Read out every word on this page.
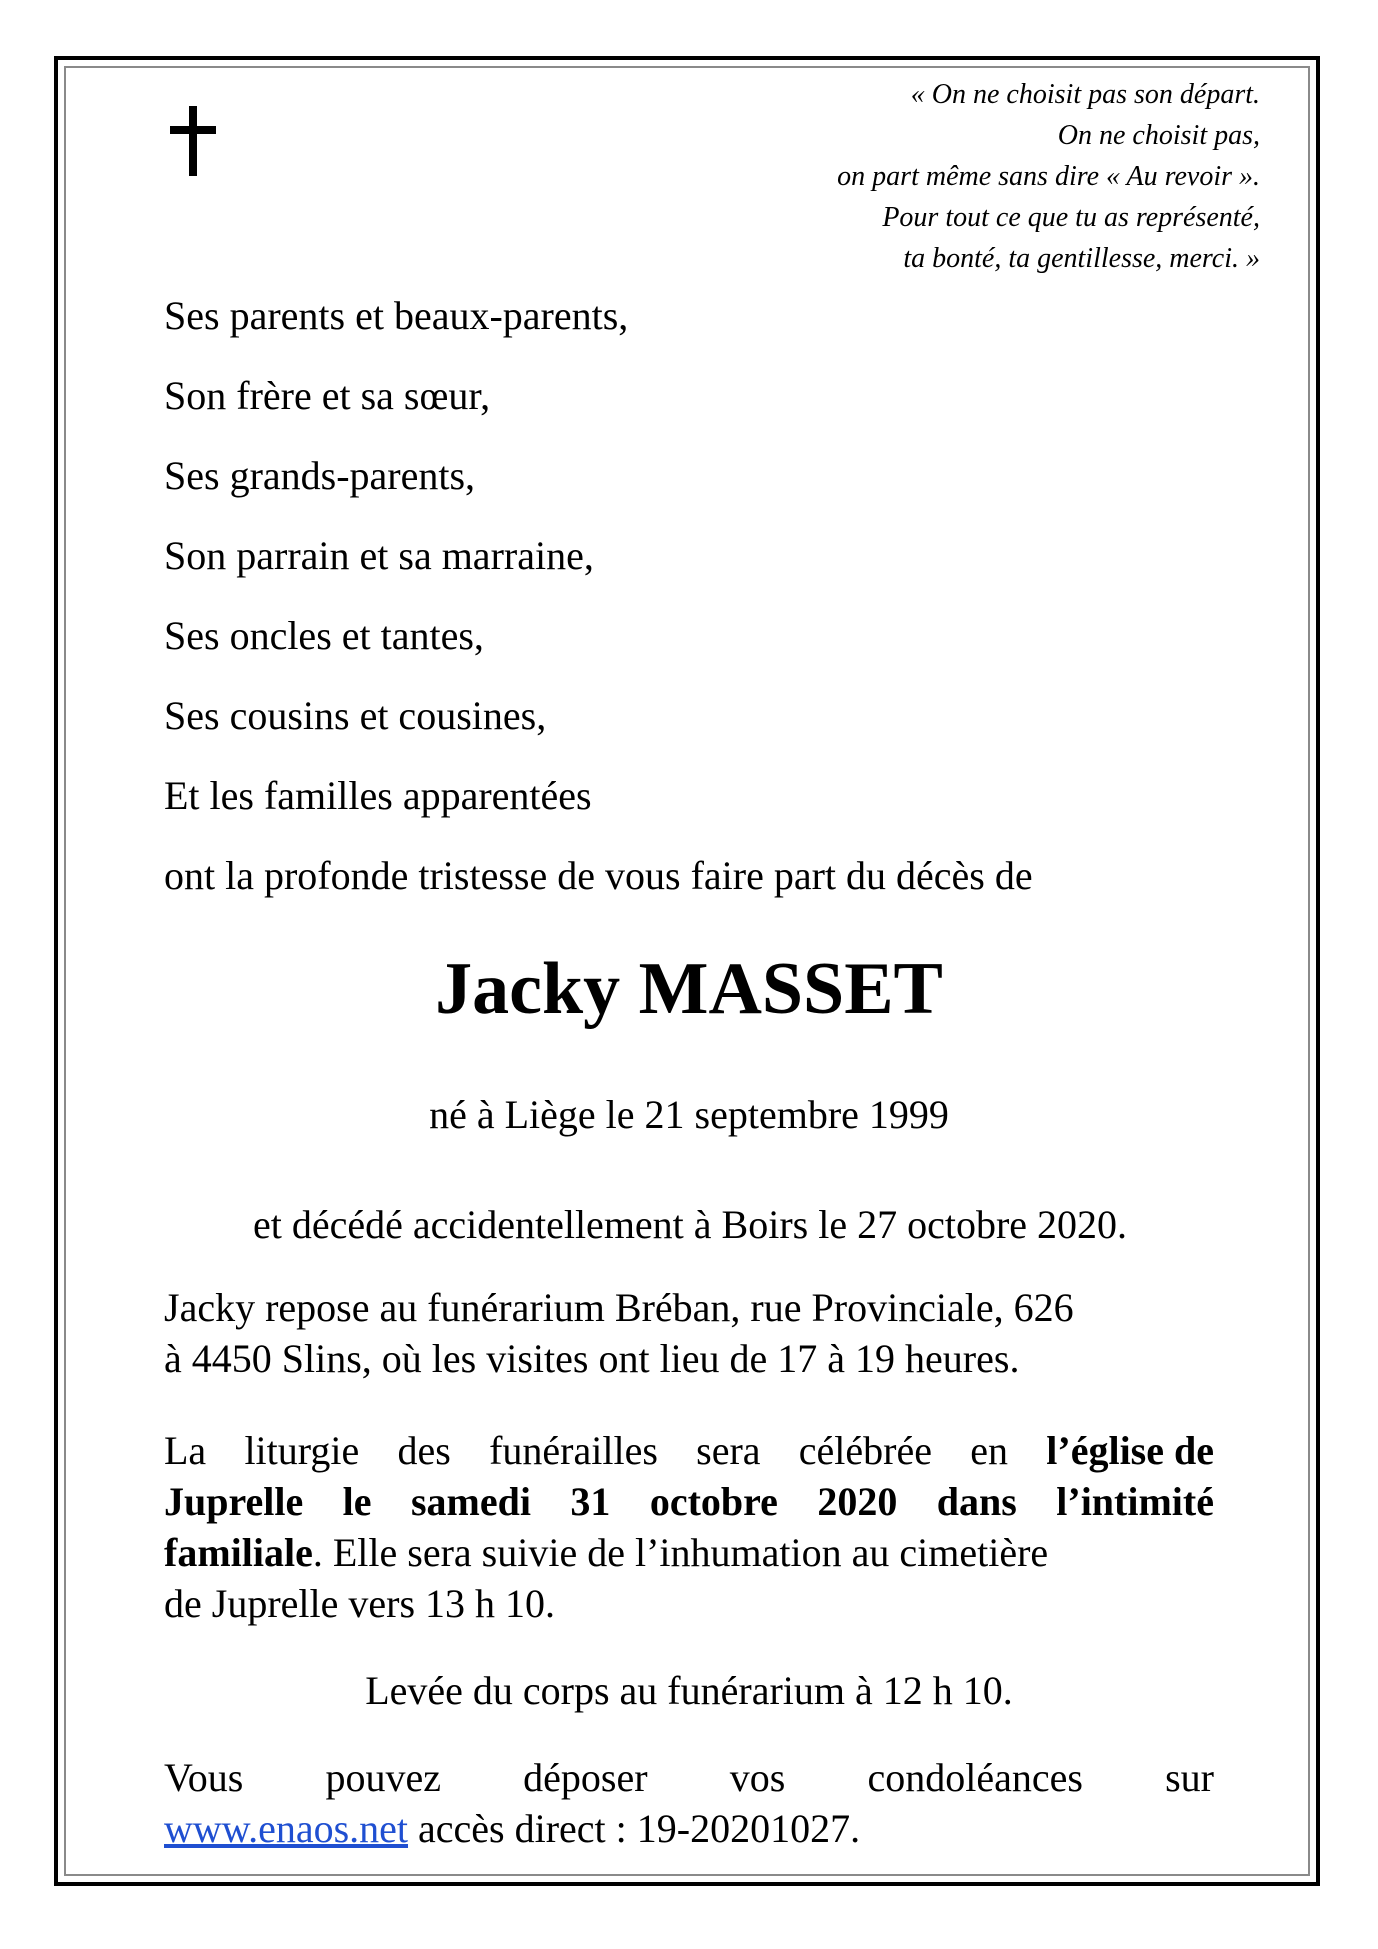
« On ne choisit pas son départ.
On ne choisit pas,
on part même sans dire « Au revoir ».
Pour tout ce que tu as représenté,
ta bonté, ta gentillesse, merci. »
Ses parents et beaux-parents,
Son frère et sa sœur,
Ses grands-parents,
Son parrain et sa marraine,
Ses oncles et tantes,
Ses cousins et cousines,
Et les familles apparentées
ont la profonde tristesse de vous faire part du décès de
Jacky MASSET
né à Liège le 21 septembre 1999
et décédé accidentellement à Boirs le 27 octobre 2020.
Jacky repose au funérarium Bréban, rue Provinciale, 626
à 4450 Slins, où les visites ont lieu de 17 à 19 heures.
La liturgie des funérailles sera célébrée en l’église de
Juprelle le samedi 31 octobre 2020 dans l’intimité
familiale. Elle sera suivie de l’inhumation au cimetière
de Juprelle vers 13 h 10.
Levée du corps au funérarium à 12 h 10.
Vous pouvez déposer vos condoléances sur
www.enaos.net accès direct : 19-20201027.
